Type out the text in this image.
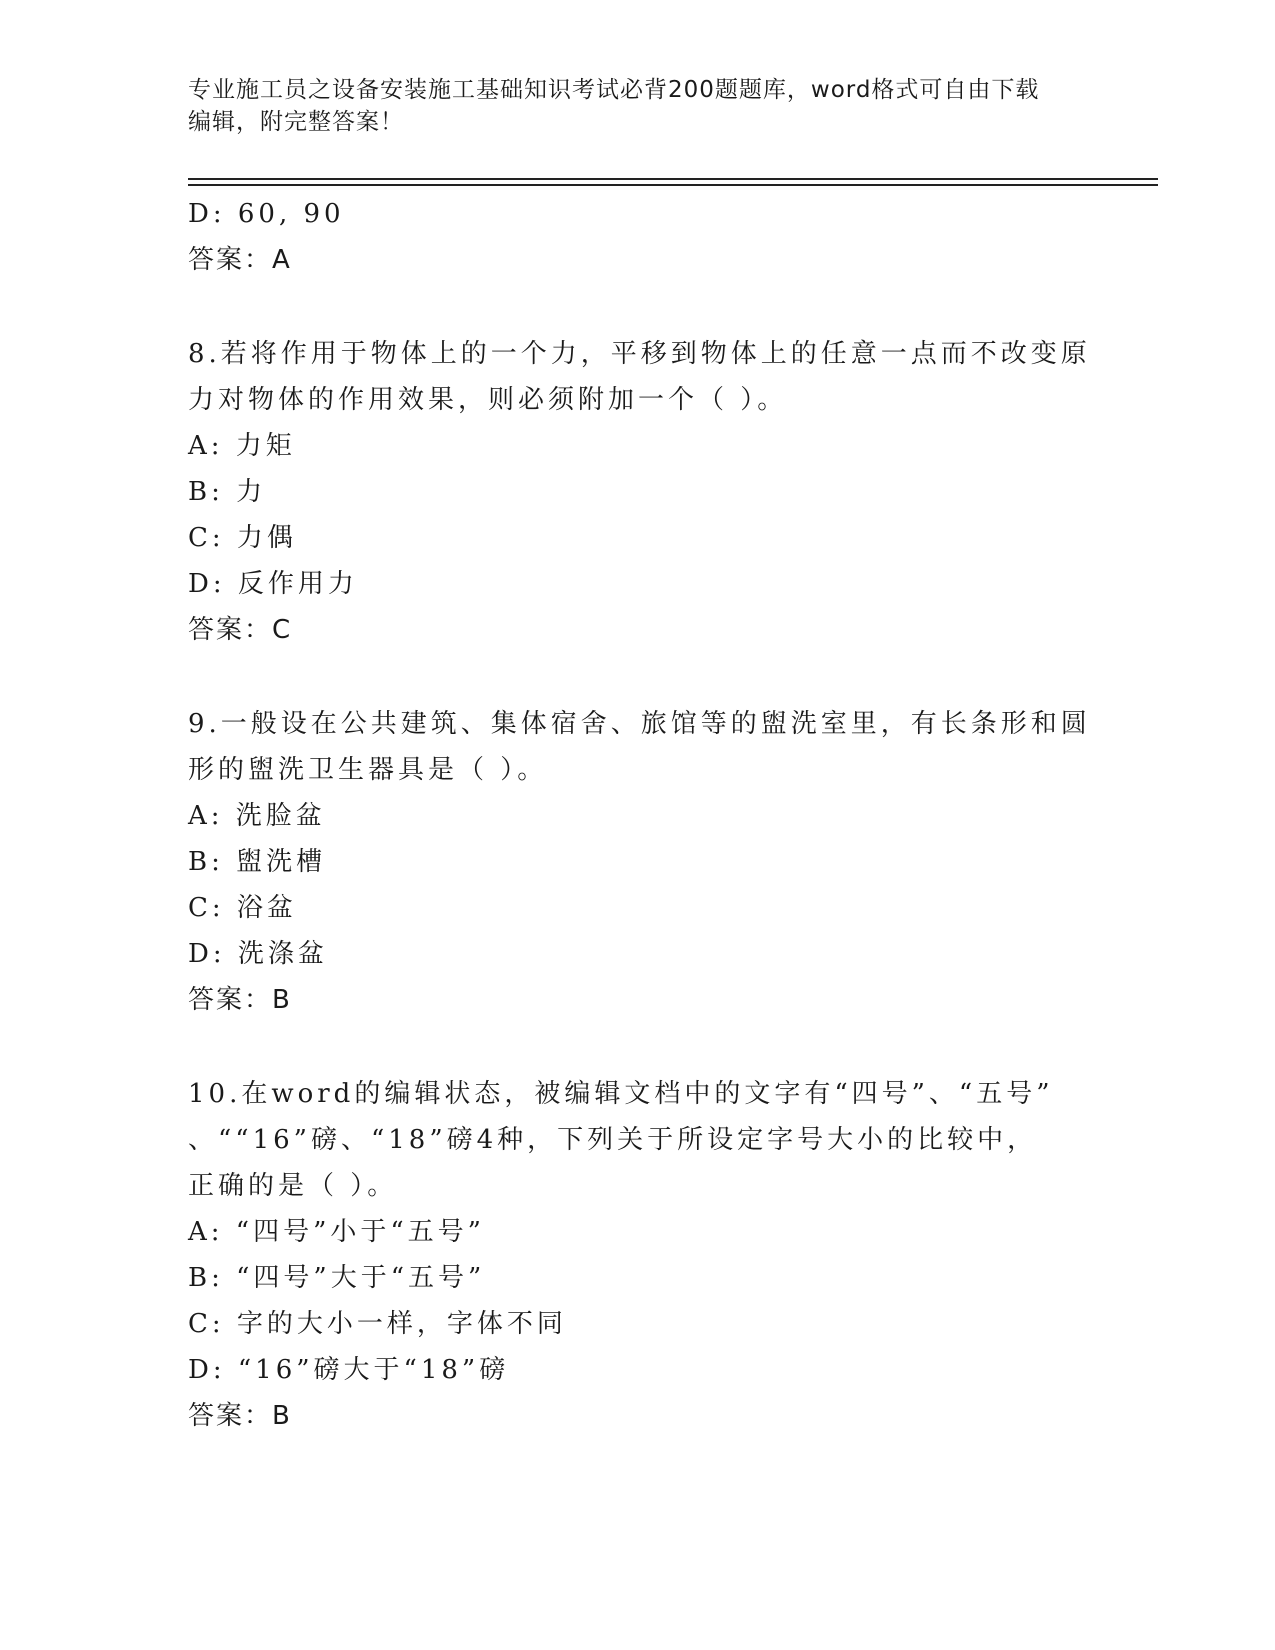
专业施工员之设备安装施工基础知识考试必背200题题库，word格式可自由下载
编辑，附完整答案！
D: 60, 90
答案：A
8.若将作用于物体上的一个力，平移到物体上的任意一点而不改变原
力对物体的作用效果，则必须附加一个（ ）。
A: 力矩
B: 力
C: 力偶
D: 反作用力
答案：C
9.一般设在公共建筑、集体宿舍、旅馆等的盥洗室里，有长条形和圆
形的盥洗卫生器具是（ ）。
A: 洗脸盆
B: 盥洗槽
C: 浴盆
D: 洗涤盆
答案：B
10.在word的编辑状态，被编辑文档中的文字有“四号”、“五号”
、““16”磅、“18”磅4种，下列关于所设定字号大小的比较中，
正确的是（ ）。
A: “四号”小于“五号”
B: “四号”大于“五号”
C: 字的大小一样，字体不同
D: “16”磅大于“18”磅
答案：B
